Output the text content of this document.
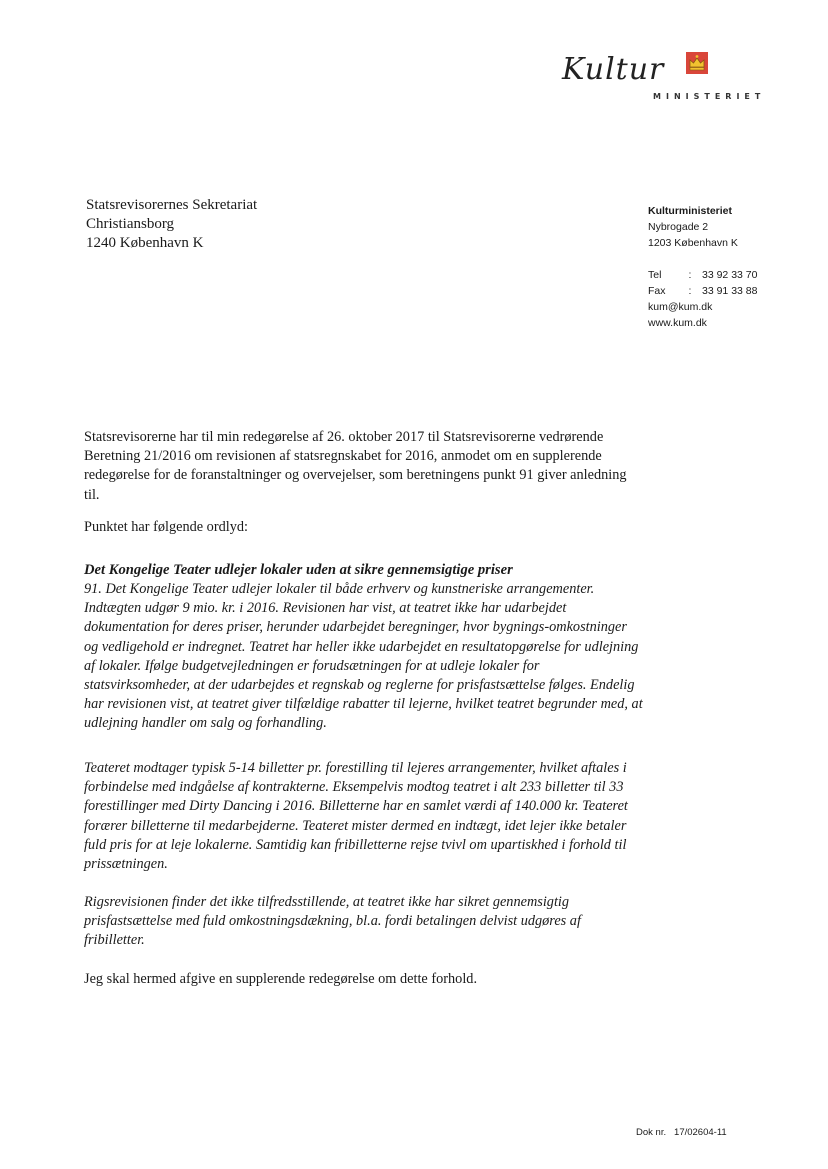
Kultur
MINISTERIET
Statsrevisorernes Sekretariat
Christiansborg
1240 København K
Kulturministeriet
Nybrogade 2
1203 København K
Tel	: 33 92 33 70
Fax : 33 91 33 88
kum@kum.dk
www.kum.dk
Statsrevisorerne har til min redegørelse af 26. oktober 2017 til Statsrevisorerne vedrørende Beretning 21/2016 om revisionen af statsregnskabet for 2016, anmodet om en supplerende redegørelse for de foranstaltninger og overvejelser, som beretningens punkt 91 giver anledning til.
Punktet har følgende ordlyd:
Det Kongelige Teater udlejer lokaler uden at sikre gennemsigtige priser
91. Det Kongelige Teater udlejer lokaler til både erhverv og kunstneriske arrangementer. Indtægten udgør 9 mio. kr. i 2016. Revisionen har vist, at teatret ikke har udarbejdet dokumentation for deres priser, herunder udarbejdet beregninger, hvor bygnings-omkostninger og vedligehold er indregnet. Teatret har heller ikke udarbejdet en resultatopgørelse for udlejning af lokaler. Ifølge budgetvejledningen er forudsætningen for at udleje lokaler for statsvirksomheder, at der udarbejdes et regnskab og reglerne for prisfastsættelse følges. Endelig har revisionen vist, at teatret giver tilfældige rabatter til lejerne, hvilket teatret begrunder med, at udlejning handler om salg og forhandling.
Teateret modtager typisk 5-14 billetter pr. forestilling til lejeres arrangementer, hvilket aftales i forbindelse med indgåelse af kontrakterne. Eksempelvis modtog teatret i alt 233 billetter til 33 forestillinger med Dirty Dancing i 2016. Billetterne har en samlet værdi af 140.000 kr. Teateret forærer billetterne til medarbejderne. Teateret mister dermed en indtægt, idet lejer ikke betaler fuld pris for at leje lokalerne. Samtidig kan fribilletterne rejse tvivl om upartiskhed i forhold til prissætningen.
Rigsrevisionen finder det ikke tilfredsstillende, at teatret ikke har sikret gennemsigtig prisfastsættelse med fuld omkostningsdækning, bl.a. fordi betalingen delvist udgøres af fribilletter.
Jeg skal hermed afgive en supplerende redegørelse om dette forhold.
Dok nr. 17/02604-11
